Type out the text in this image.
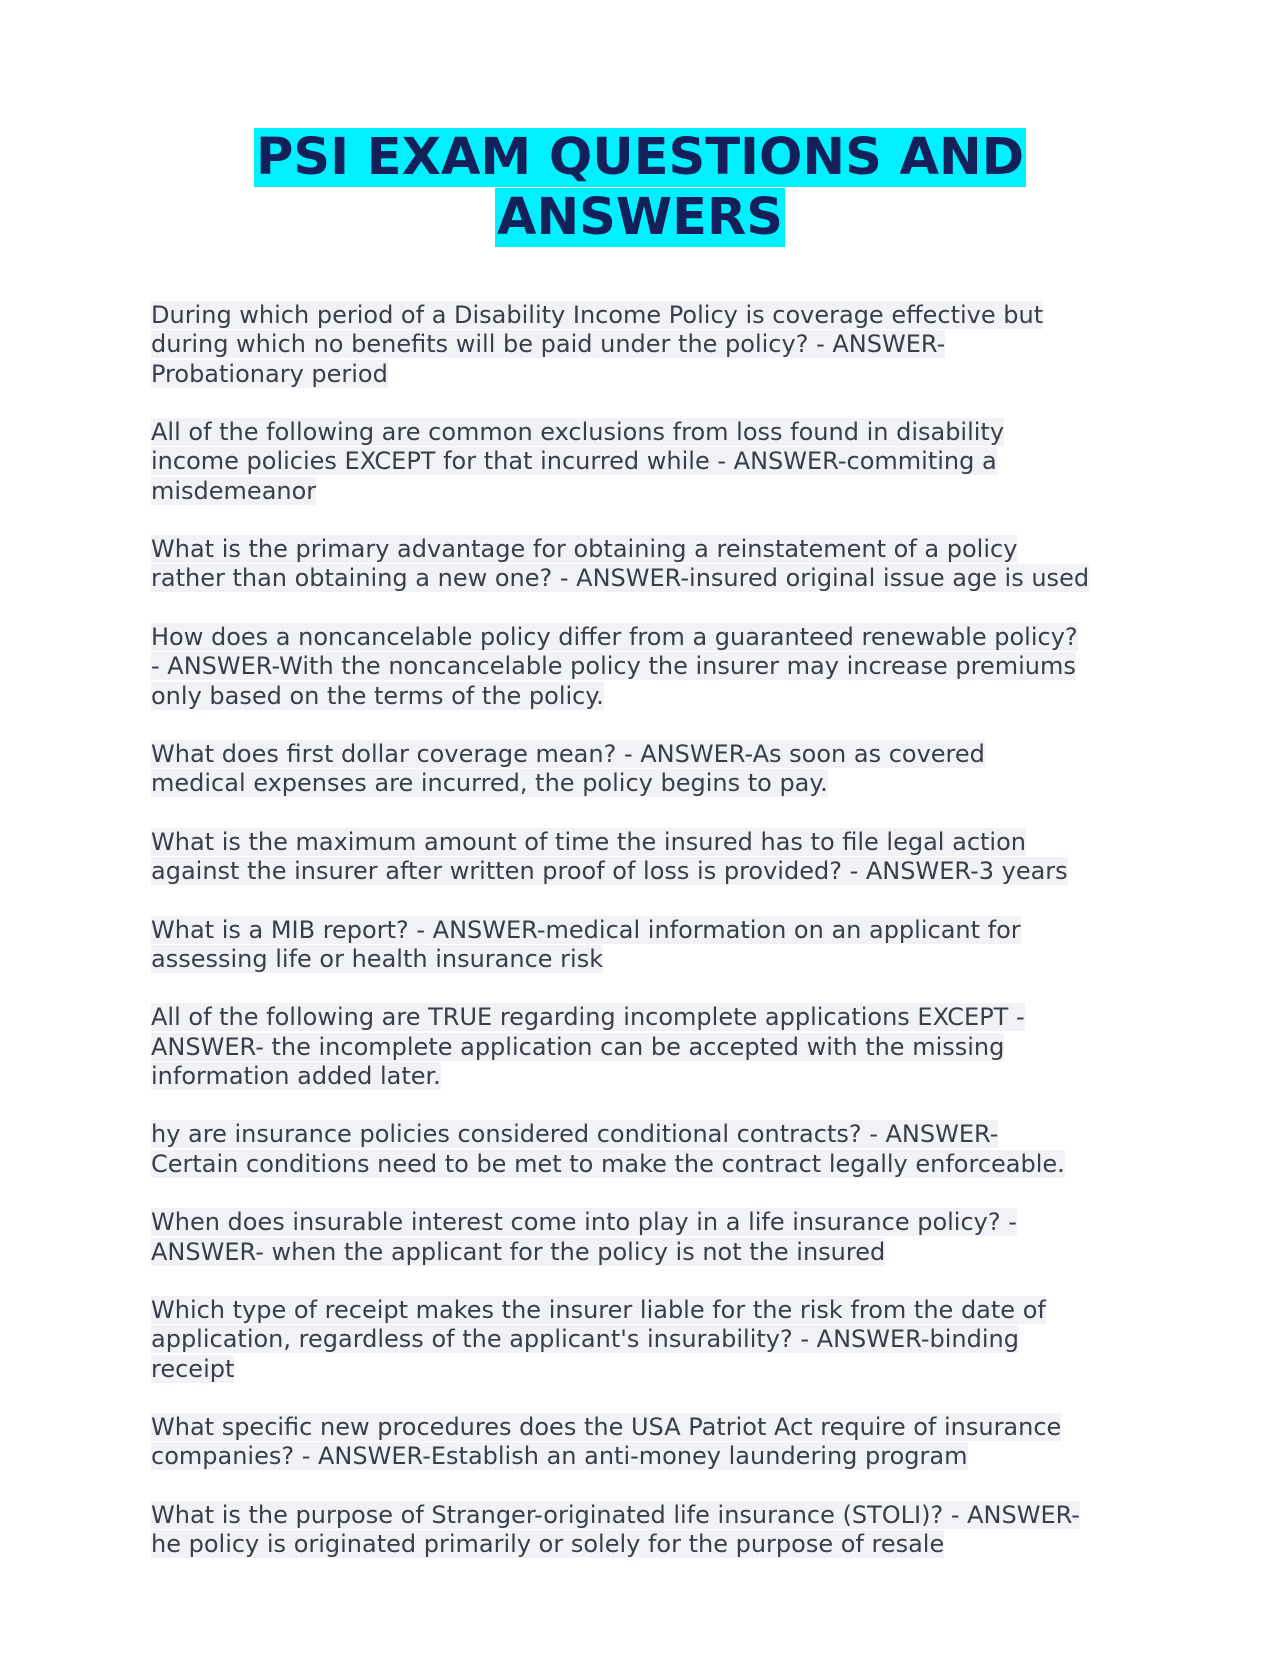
PSI EXAM QUESTIONS AND
ANSWERS
During which period of a Disability Income Policy is coverage effective but
during which no benefits will be paid under the policy? - ANSWER-
Probationary period
All of the following are common exclusions from loss found in disability
income policies EXCEPT for that incurred while - ANSWER-commiting a
misdemeanor
What is the primary advantage for obtaining a reinstatement of a policy
rather than obtaining a new one? - ANSWER-insured original issue age is used
How does a noncancelable policy differ from a guaranteed renewable policy?
- ANSWER-With the noncancelable policy the insurer may increase premiums
only based on the terms of the policy.
What does first dollar coverage mean? - ANSWER-As soon as covered
medical expenses are incurred, the policy begins to pay.
What is the maximum amount of time the insured has to file legal action
against the insurer after written proof of loss is provided? - ANSWER-3 years
What is a MIB report? - ANSWER-medical information on an applicant for
assessing life or health insurance risk
All of the following are TRUE regarding incomplete applications EXCEPT -
ANSWER- the incomplete application can be accepted with the missing
information added later.
hy are insurance policies considered conditional contracts? - ANSWER-
Certain conditions need to be met to make the contract legally enforceable.
When does insurable interest come into play in a life insurance policy? -
ANSWER- when the applicant for the policy is not the insured
Which type of receipt makes the insurer liable for the risk from the date of
application, regardless of the applicant's insurability? - ANSWER-binding
receipt
What specific new procedures does the USA Patriot Act require of insurance
companies? - ANSWER-Establish an anti-money laundering program
What is the purpose of Stranger-originated life insurance (STOLI)? - ANSWER-
he policy is originated primarily or solely for the purpose of resale
